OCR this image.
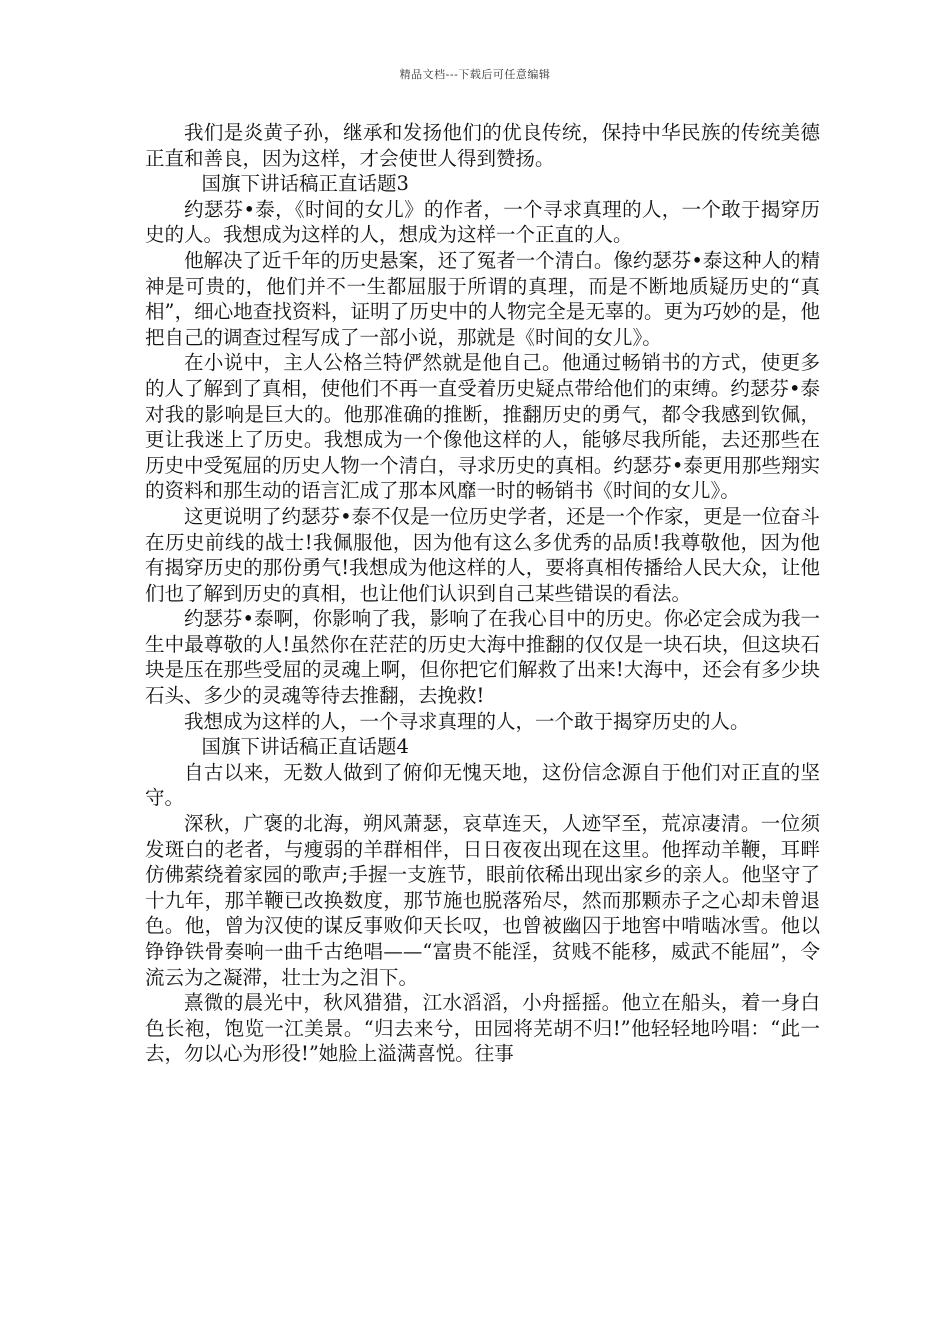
精品文档---下载后可任意编辑

我们是炎黄子孙，继承和发扬他们的优良传统，保持中华民族的传统美德正直和善良，因为这样，才会使世人得到赞扬。

国旗下讲话稿正直话题3

约瑟芬•泰，《时间的女儿》的作者，一个寻求真理的人，一个敢于揭穿历史的人。我想成为这样的人，想成为这样一个正直的人。

他解决了近千年的历史悬案，还了冤者一个清白。像约瑟芬•泰这种人的精神是可贵的，他们并不一生都屈服于所谓的真理，而是不断地质疑历史的“真相”，细心地查找资料，证明了历史中的人物完全是无辜的。更为巧妙的是，他把自己的调查过程写成了一部小说，那就是《时间的女儿》。

在小说中，主人公格兰特俨然就是他自己。他通过畅销书的方式，使更多的人了解到了真相，使他们不再一直受着历史疑点带给他们的束缚。约瑟芬•泰对我的影响是巨大的。他那准确的推断，推翻历史的勇气，都令我感到钦佩，更让我迷上了历史。我想成为一个像他这样的人，能够尽我所能，去还那些在历史中受冤屈的历史人物一个清白，寻求历史的真相。约瑟芬•泰更用那些翔实的资料和那生动的语言汇成了那本风靡一时的畅销书《时间的女儿》。

这更说明了约瑟芬•泰不仅是一位历史学者，还是一个作家，更是一位奋斗在历史前线的战士!我佩服他，因为他有这么多优秀的品质!我尊敬他，因为他有揭穿历史的那份勇气!我想成为他这样的人，要将真相传播给人民大众，让他们也了解到历史的真相，也让他们认识到自己某些错误的看法。

约瑟芬•泰啊，你影响了我，影响了在我心目中的历史。你必定会成为我一生中最尊敬的人!虽然你在茫茫的历史大海中推翻的仅仅是一块石块，但这块石块是压在那些受屈的灵魂上啊，但你把它们解救了出来!大海中，还会有多少块石头、多少的灵魂等待去推翻，去挽救!

我想成为这样的人，一个寻求真理的人，一个敢于揭穿历史的人。

国旗下讲话稿正直话题4

自古以来，无数人做到了俯仰无愧天地，这份信念源自于他们对正直的坚守。

深秋，广褒的北海，朔风萧瑟，哀草连天，人迹罕至，荒凉凄清。一位须发斑白的老者，与瘦弱的羊群相伴，日日夜夜出现在这里。他挥动羊鞭，耳畔仿佛萦绕着家园的歌声;手握一支旌节，眼前依稀出现出家乡的亲人。他坚守了十九年，那羊鞭已改换数度，那节施也脱落殆尽，然而那颗赤子之心却未曾退色。他，曾为汉使的谋反事败仰天长叹，也曾被幽囚于地窖中啃啮冰雪。他以铮铮铁骨奏响一曲千古绝唱——“富贵不能淫，贫贱不能移，威武不能屈”，令流云为之凝滞，壮士为之泪下。

熹微的晨光中，秋风猎猎，江水滔滔，小舟摇摇。他立在船头，着一身白色长袍，饱览一江美景。“归去来兮，田园将芜胡不归!”他轻轻地吟唱：“此一去，勿以心为形役!”她脸上溢满喜悦。往事
